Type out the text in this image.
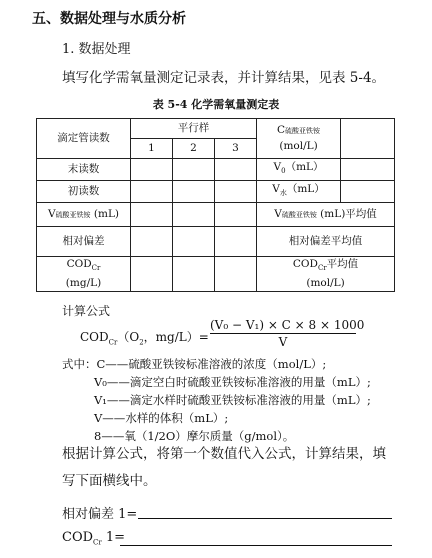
五、数据处理与水质分析
1. 数据处理
填写化学需氧量测定记录表，并计算结果，见表 5-4。
表 5-4 化学需氧量测定表
滴定管读数	平行样			C硫酸亚铁铵
(mol/L)	
	1	2	3		
末读数				$V_0(mL)$	
初读数				$V_水(mL)$	
V硫酸亚铁铵 (mL)				V硫酸亚铁铵 (mL)平均值	
相对偏差				相对偏差平均值	
$COD_{Cr}$
(mg/L)				$COD_{Cr}$平均值
(mol/L)	
计算公式
$COD_{Cr}(O_2$，$mg/L)= \frac{\text{(V₀ − V₁) × C × 8 × 1000}}{V}$
式中：C——硫酸亚铁铵标准溶液的浓度（mol/L）;
V₀——滴定空白时硫酸亚铁铵标准溶液的用量（mL）;
V₁——滴定水样时硫酸亚铁铵标准溶液的用量（mL）;
V——水样的体积（mL）;
8——氧（1/2O）摩尔质量（g/mol）。
根据计算公式，将第一个数值代入公式，计算结果，填
写下面横线中。
相对偏差 1=
$COD_{Cr}$ 1=
